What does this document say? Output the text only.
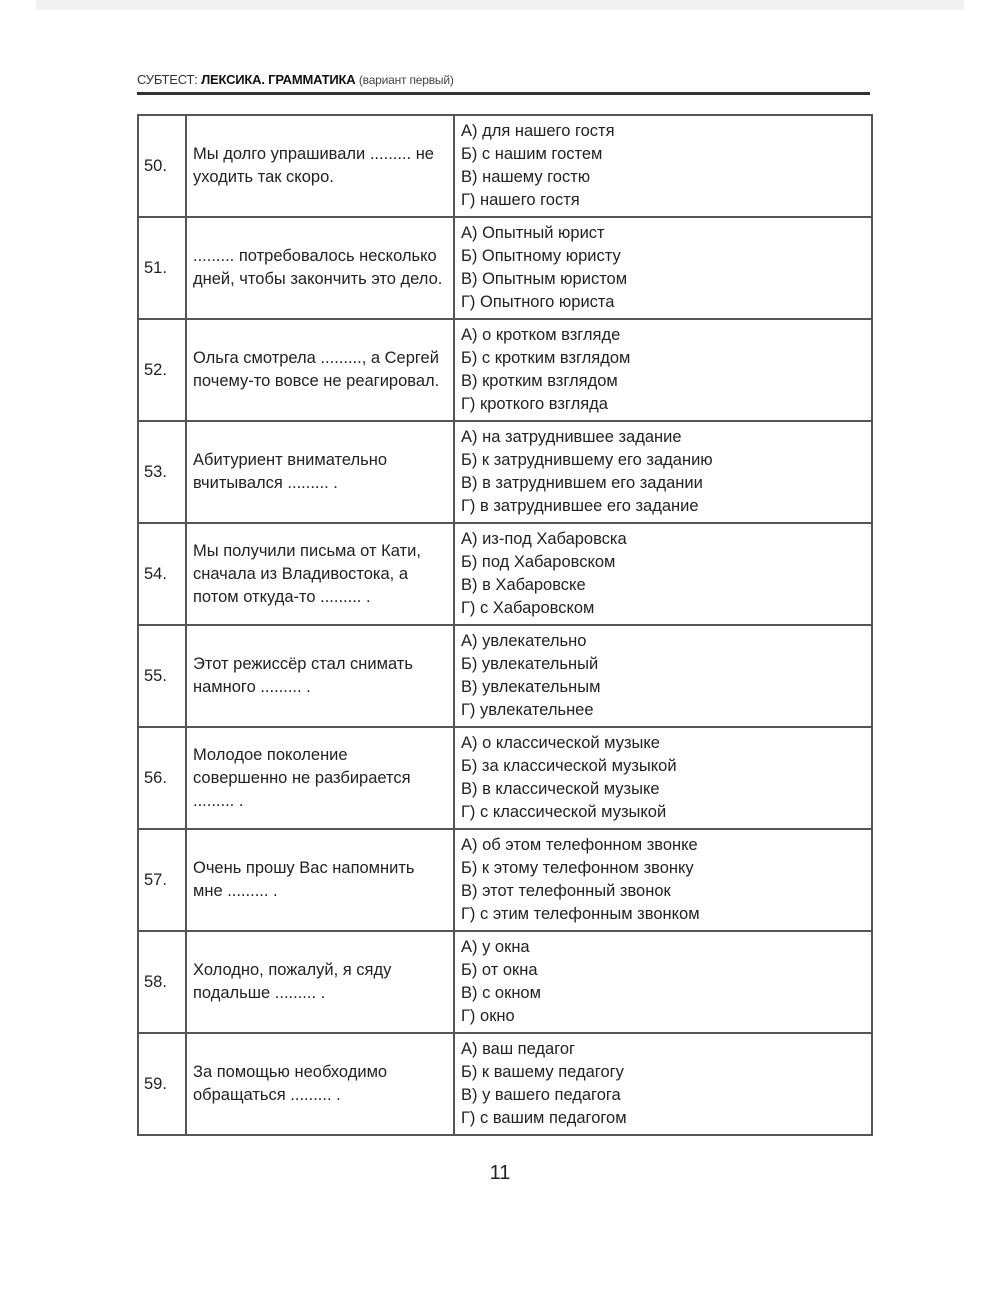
СУБТЕСТ: ЛЕКСИКА. ГРАММАТИКА (вариант первый)
50.	Мы долго упрашивали ......... не уходить так скоро.	А) для нашего гостя
Б) с нашим гостем
В) нашему гостю
Г) нашего гостя

51.	......... потребовалось несколько дней, чтобы закончить это дело.	А) Опытный юрист
Б) Опытному юристу
В) Опытным юристом
Г) Опытного юриста

52.	Ольга смотрела ........., а Сергей почему-то вовсе не реагировал.	А) о кротком взгляде
Б) с кротким взглядом
В) кротким взглядом
Г) кроткого взгляда

53.	Абитуриент внимательно вчитывался ......... .	А) на затруднившее задание
Б) к затруднившему его заданию
В) в затруднившем его задании
Г) в затруднившее его задание

54.	Мы получили письма от Кати, сначала из Владивостока, а потом откуда-то ......... .	А) из-под Хабаровска
Б) под Хабаровском
В) в Хабаровске
Г) с Хабаровском

55.	Этот режиссёр стал снимать намного ......... .	А) увлекательно
Б) увлекательный
В) увлекательным
Г) увлекательнее

56.	Молодое поколение совершенно не разбирается ......... .	А) о классической музыке
Б) за классической музыкой
В) в классической музыке
Г) с классической музыкой

57.	Очень прошу Вас напомнить мне ......... .	А) об этом телефонном звонке
Б) к этому телефонном звонку
В) этот телефонный звонок
Г) с этим телефонным звонком

58.	Холодно, пожалуй, я сяду подальше ......... .	А) у окна
Б) от окна
В) с окном
Г) окно

59.	За помощью необходимо обращаться ......... .	А) ваш педагог
Б) к вашему педагогу
В) у вашего педагога
Г) с вашим педагогом
11
